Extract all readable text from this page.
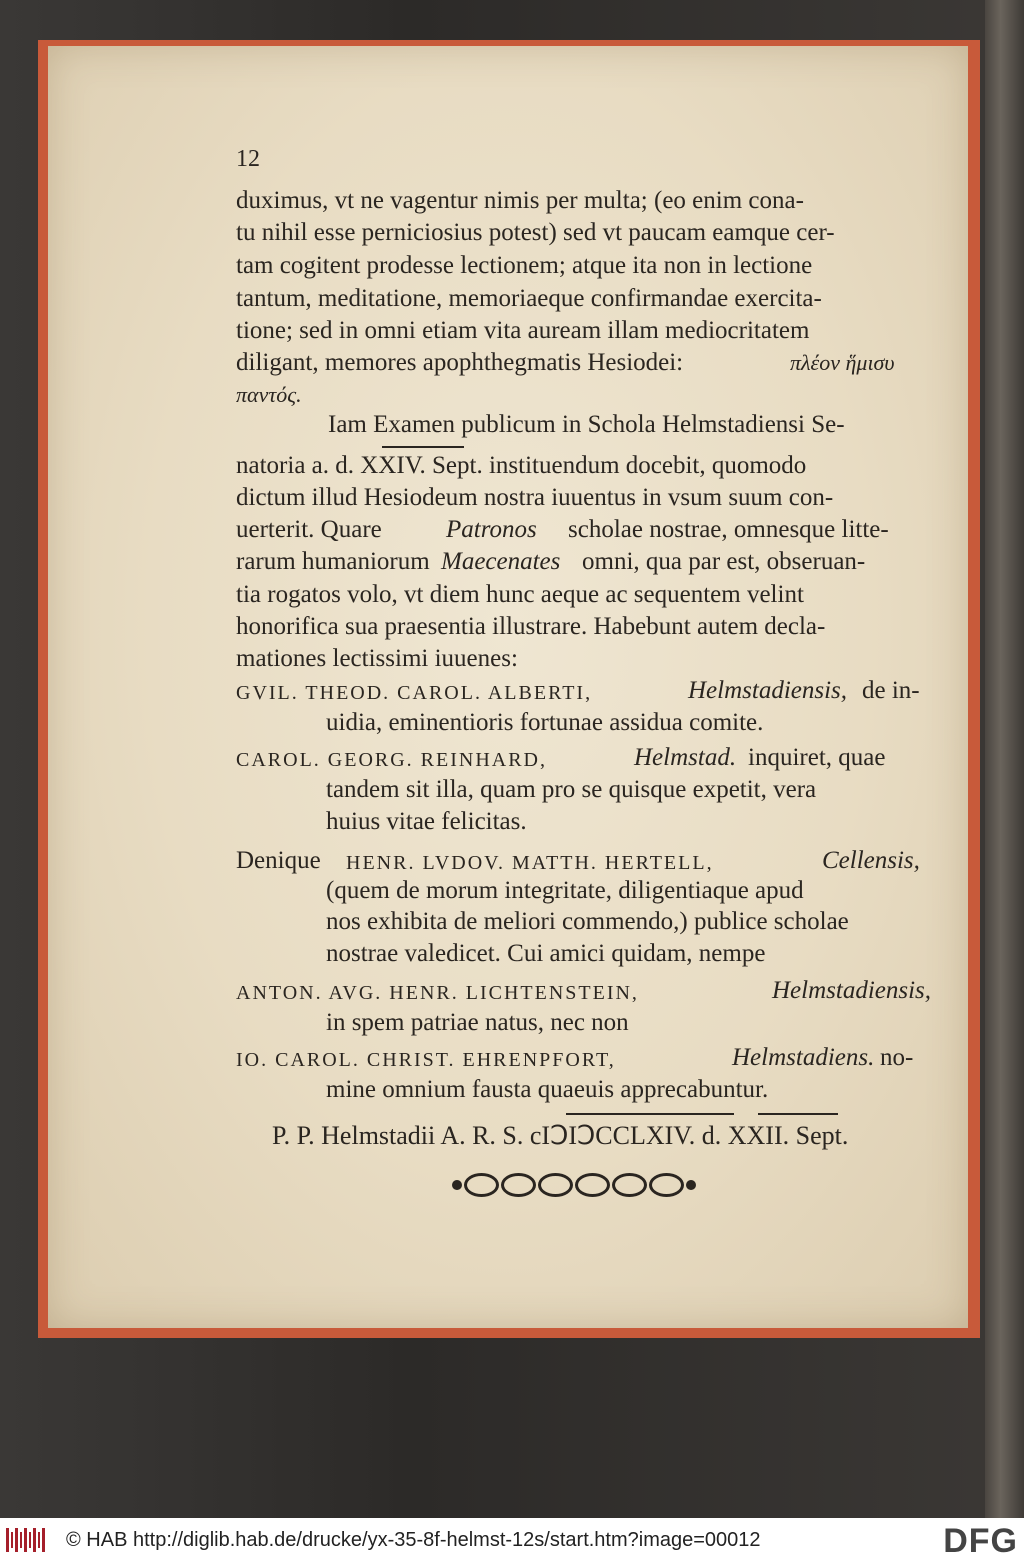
12
duximus, vt ne vagentur nimis per multa; (eo enim cona-
tu nihil esse perniciosius potest) sed vt paucam eamque cer-
tam cogitent prodesse lectionem; atque ita non in lectione
tantum, meditatione, memoriaeque confirmandae exercita-
tione; sed in omni etiam vita auream illam mediocritatem
diligant, memores apophthegmatis Hesiodei:	πλέον ἥμισυ
παντός.
Iam Examen publicum in Schola Helmstadiensi Se-
natoria a. d. XXIV. Sept. instituendum docebit, quomodo
dictum illud Hesiodeum nostra iuuentus in vsum suum con-
uerterit. Quare	Patronos scholae nostrae, omnesque litte-
rarum humaniorum Maecenates omni, qua par est, obseruan-
tia rogatos volo, vt diem hunc aeque ac sequentem velint
honorifica sua praesentia illustrare. Habebunt autem decla-
mationes lectissimi iuuenes:
GVIL. THEOD. CAROL. ALBERTI,	Helmstadiensis, de in-
uidia, eminentioris fortunae assidua comite.
CAROL. GEORG. REINHARD,	Helmstad. inquiret, quae
tandem sit illa, quam pro se quisque expetit, vera
huius vitae felicitas.
Denique HENR. LVDOV. MATTH. HERTELL,	Cellensis,
(quem de morum integritate, diligentiaque apud
nos exhibita de meliori commendo,) publice scholae
nostrae valedicet. Cui amici quidam, nempe
ANTON. AVG. HENR. LICHTENSTEIN,	Helmstadiensis,
in spem patriae natus, nec non
IO. CAROL. CHRIST. EHRENPFORT,	Helmstadiens. no-
mine omnium fausta quaeuis apprecabuntur.
P. P. Helmstadii A. R. S. cIↃIↃCCLXIV. d. XXII. Sept.
© HAB http://diglib.hab.de/drucke/yx-35-8f-helmst-12s/start.htm?image=00012	DFG
